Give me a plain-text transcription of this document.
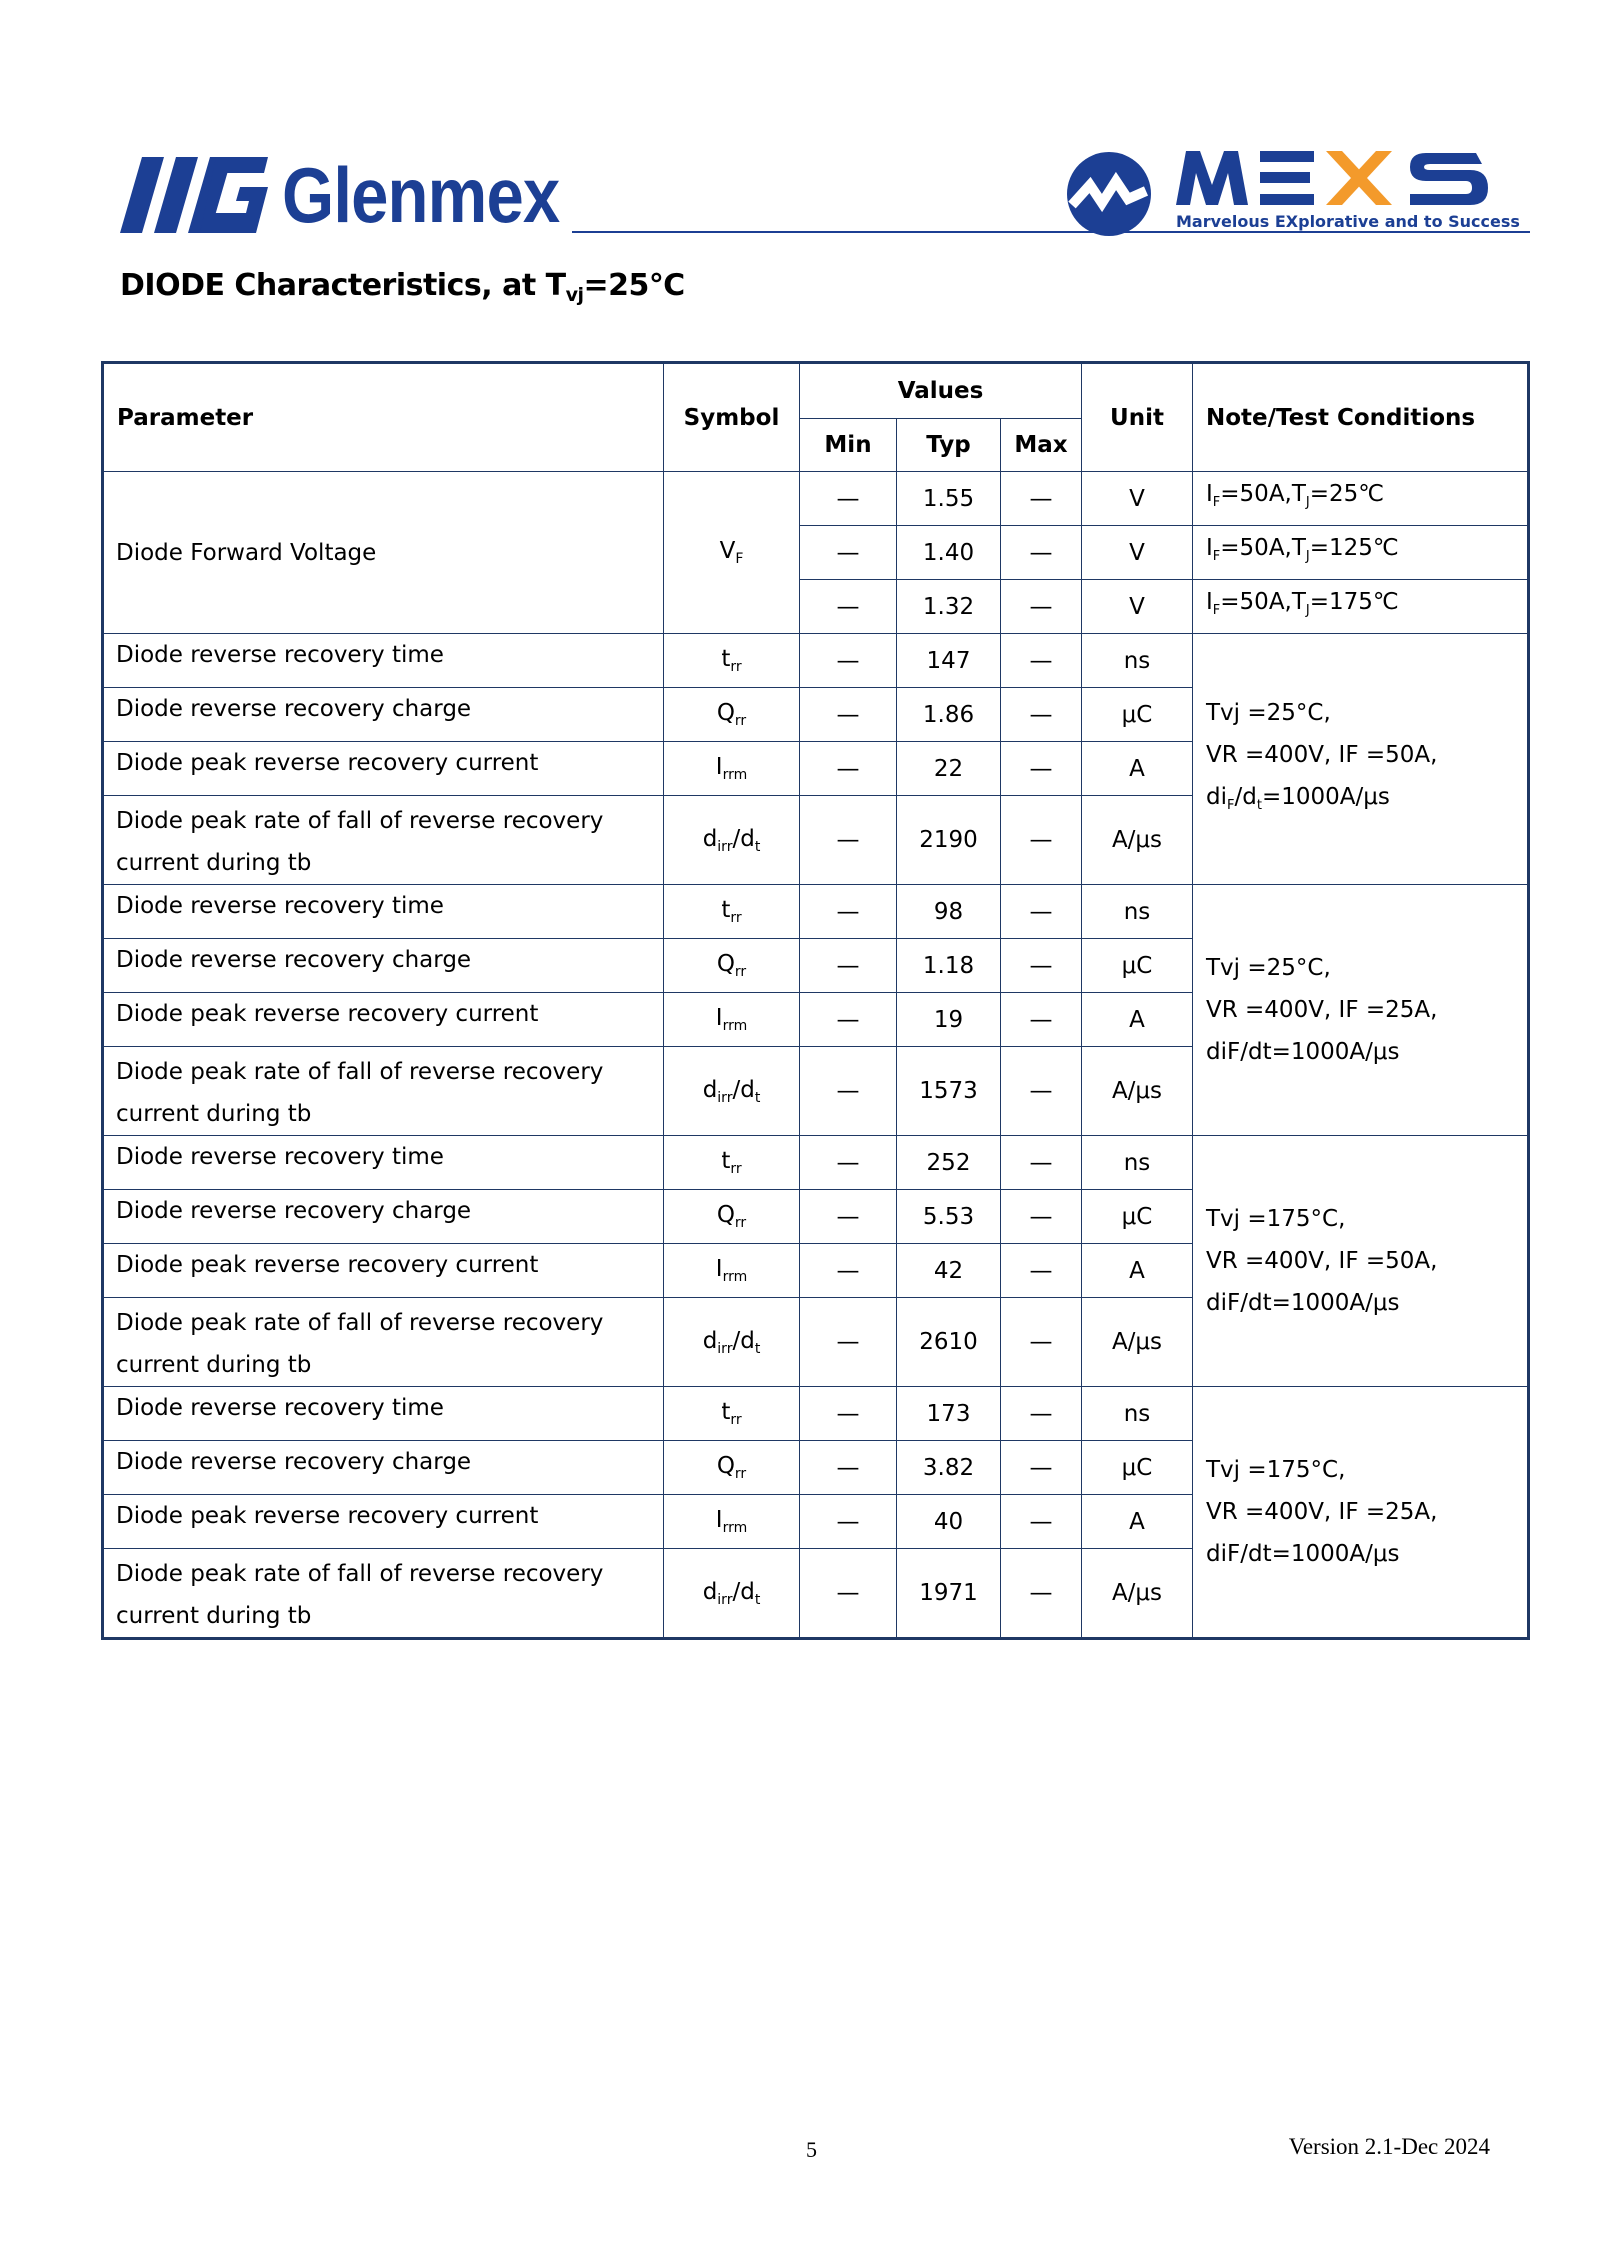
Glenmex	Marvelous EXplorative and to Success
DIODE Characteristics, at $T_{vj}=25℃$
Parameter	Symbol	Values			Unit	Note/Test Conditions
		Min	Typ	Max		
Diode Forward Voltage	$V_F$	—	1.55	—	V	$I_F=50A,T_J=25℃$
		—	1.40	—	V	$I_F=50A,T_J=125℃$
		—	1.32	—	V	$I_F=50A,T_J=175℃$
Diode reverse recovery time	$t_{rr}$	—	147	—	ns	Tvj =25°C,
VR =400V, IF =50A,
$di_F/d_t=1000A/\mu s$

Diode reverse recovery charge	$Q_{rr}$	—	1.86	—	μC	
Diode peak reverse recovery current	$I_{rrm}$	—	22	—	A	

Diode peak rate of fall of reverse recovery
current during tb	$d_{irr}/d_t$	—	2190	—	A/μs	
Diode reverse recovery time	$t_{rr}$	—	98	—	ns	Tvj =25°C,
VR =400V, IF =25A,
diF/dt=1000A/μs

Diode reverse recovery charge	$Q_{rr}$	—	1.18	—	μC	
Diode peak reverse recovery current	$I_{rrm}$	—	19	—	A	

Diode peak rate of fall of reverse recovery
current during tb	$d_{irr}/d_t$	—	1573	—	A/μs	
Diode reverse recovery time	$t_{rr}$	—	252	—	ns	Tvj =175°C,
VR =400V, IF =50A,
diF/dt=1000A/μs

Diode reverse recovery charge	$Q_{rr}$	—	5.53	—	μC	
Diode peak reverse recovery current	$I_{rrm}$	—	42	—	A	

Diode peak rate of fall of reverse recovery
current during tb	$d_{irr}/d_t$	—	2610	—	A/μs	
Diode reverse recovery time	$t_{rr}$	—	173	—	ns	Tvj =175°C,
VR =400V, IF =25A,
diF/dt=1000A/μs

Diode reverse recovery charge	$Q_{rr}$	—	3.82	—	μC	
Diode peak reverse recovery current	$I_{rrm}$	—	40	—	A	

Diode peak rate of fall of reverse recovery
current during tb	$d_{irr}/d_t$	—	1971	—	A/μs	
5	Version 2.1-Dec 2024
